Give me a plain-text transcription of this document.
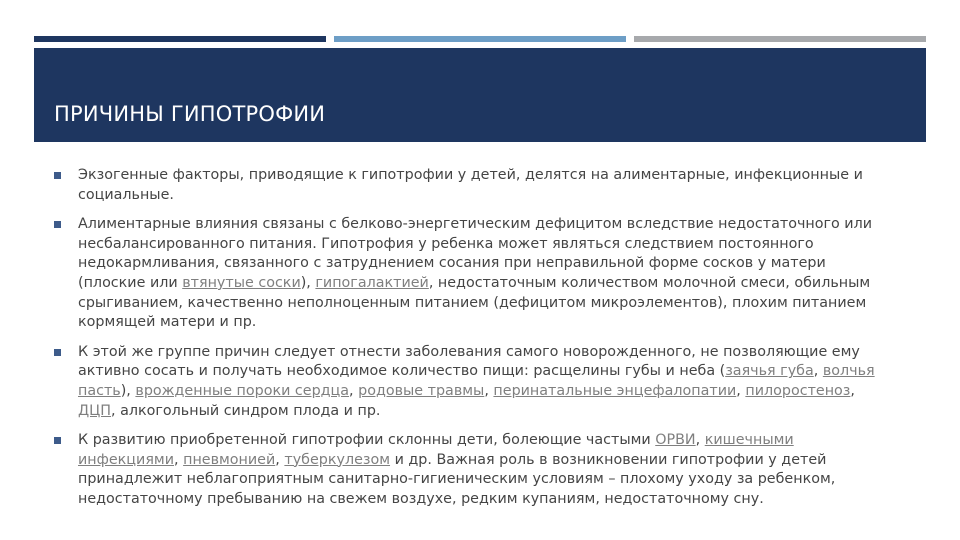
ПРИЧИНЫ ГИПОТРОФИИ
Экзогенные факторы, приводящие к гипотрофии у детей, делятся на алиментарные, инфекционные и социальные.
Алиментарные влияния связаны с белково-энергетическим дефицитом вследствие недостаточного или несбалансированного питания. Гипотрофия у ребенка может являться следствием постоянного недокармливания, связанного с затруднением сосания при неправильной форме сосков у матери (плоские или втянутые соски), гипогалактией, недостаточным количеством молочной смеси, обильным срыгиванием, качественно неполноценным питанием (дефицитом микроэлементов), плохим питанием кормящей матери и пр.
К этой же группе причин следует отнести заболевания самого новорожденного, не позволяющие ему активно сосать и получать необходимое количество пищи: расщелины губы и неба (заячья губа, волчья пасть), врожденные пороки сердца, родовые травмы, перинатальные энцефалопатии, пилоростеноз, ДЦП, алкогольный синдром плода и пр.
К развитию приобретенной гипотрофии склонны дети, болеющие частыми ОРВИ, кишечными инфекциями, пневмонией, туберкулезом и др. Важная роль в возникновении гипотрофии у детей принадлежит неблагоприятным санитарно-гигиеническим условиям – плохому уходу за ребенком, недостаточному пребыванию на свежем воздухе, редким купаниям, недостаточному сну.
